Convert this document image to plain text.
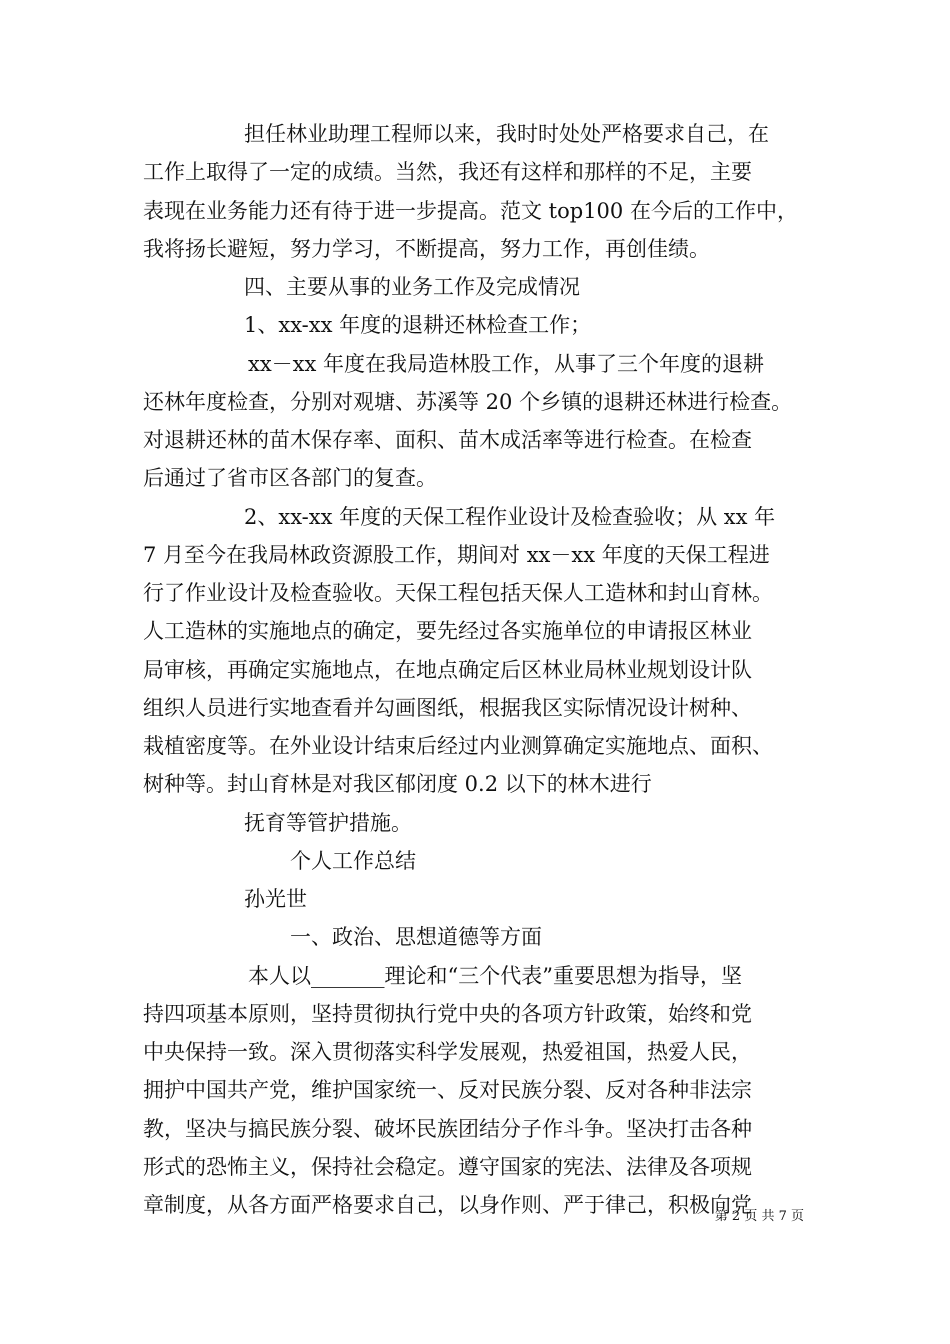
担任林业助理工程师以来，我时时处处严格要求自己，在
工作上取得了一定的成绩。当然，我还有这样和那样的不足，主要
表现在业务能力还有待于进一步提高。范文 top100 在今后的工作中，
我将扬长避短，努力学习，不断提高，努力工作，再创佳绩。
四、主要从事的业务工作及完成情况
1、xx-xx 年度的退耕还林检查工作；
xx－xx 年度在我局造林股工作，从事了三个年度的退耕
还林年度检查，分别对观塘、苏溪等 20 个乡镇的退耕还林进行检查。
对退耕还林的苗木保存率、面积、苗木成活率等进行检查。在检查
后通过了省市区各部门的复查。
2、xx-xx 年度的天保工程作业设计及检查验收；从 xx 年
7 月至今在我局林政资源股工作，期间对 xx－xx 年度的天保工程进
行了作业设计及检查验收。天保工程包括天保人工造林和封山育林。
人工造林的实施地点的确定，要先经过各实施单位的申请报区林业
局审核，再确定实施地点，在地点确定后区林业局林业规划设计队
组织人员进行实地查看并勾画图纸，根据我区实际情况设计树种、
栽植密度等。在外业设计结束后经过内业测算确定实施地点、面积、
树种等。封山育林是对我区郁闭度 0.2 以下的林木进行
抚育等管护措施。
个人工作总结
孙光世
一、政治、思想道德等方面
本人以_______理论和“三个代表”重要思想为指导，坚
持四项基本原则，坚持贯彻执行党中央的各项方针政策，始终和党
中央保持一致。深入贯彻落实科学发展观，热爱祖国，热爱人民，
拥护中国共产党，维护国家统一、反对民族分裂、反对各种非法宗
教，坚决与搞民族分裂、破坏民族团结分子作斗争。坚决打击各种
形式的恐怖主义，保持社会稳定。遵守国家的宪法、法律及各项规
章制度，从各方面严格要求自己，以身作则、严于律己，积极向党
第 2 页 共 7 页
